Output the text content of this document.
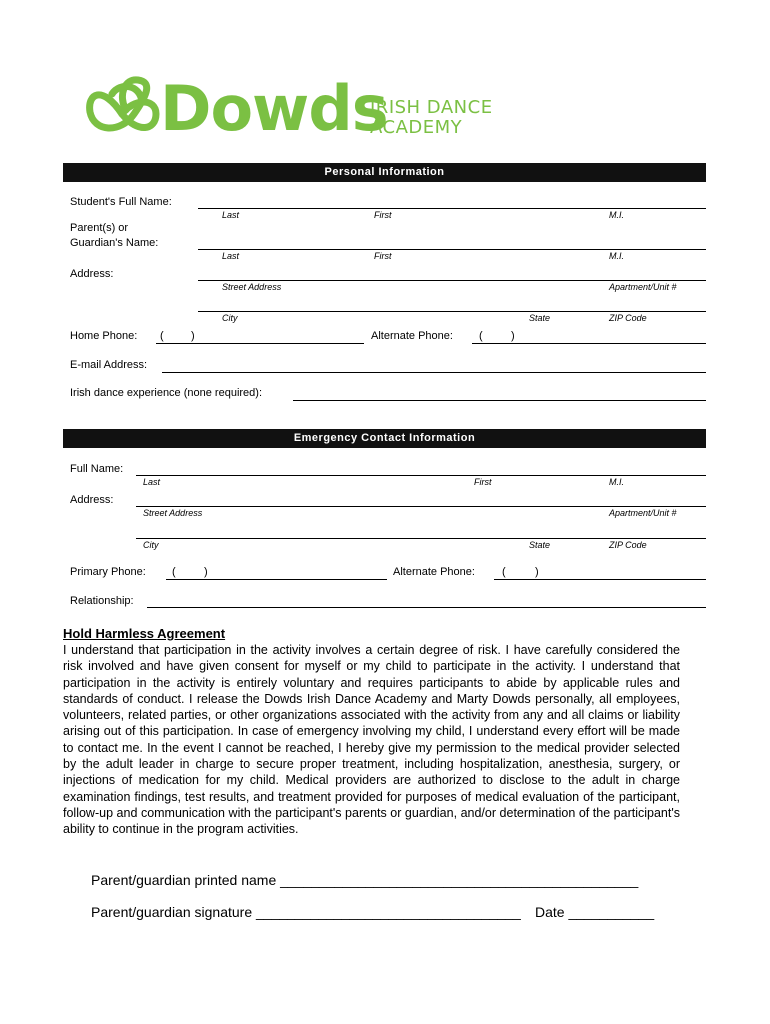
Dowds
IRISH DANCE
ACADEMY
Personal Information
Student's Full Name:
Last	First	M.I.
Parent(s) or
Guardian's Name:
Last	First	M.I.
Address:
Street Address	Apartment/Unit #
City	State	ZIP Code
Home Phone: ( )	Alternate Phone: (	)
E-mail Address:
Irish dance experience (none required):
Emergency Contact Information
Full Name:
Last	First	M.I.
Address:
Street Address	Apartment/Unit #
City	State	ZIP Code
Primary Phone: (	)	Alternate Phone: (	)
Relationship:
Hold Harmless Agreement
I understand that participation in the activity involves a certain degree of risk. I have carefully considered the risk involved and have given consent for myself or my child to participate in the activity. I understand that participation in the activity is entirely voluntary and requires participants to abide by applicable rules and standards of conduct. I release the Dowds Irish Dance Academy and Marty Dowds personally, all employees, volunteers, related parties, or other organizations associated with the activity from any and all claims or liability arising out of this participation. In case of emergency involving my child, I understand every effort will be made to contact me. In the event I cannot be reached, I hereby give my permission to the medical provider selected by the adult leader in charge to secure proper treatment, including hospitalization, anesthesia, surgery, or injections of medication for my child. Medical providers are authorized to disclose to the adult in charge examination findings, test results, and treatment provided for purposes of medical evaluation of the participant, follow-up and communication with the participant's parents or guardian, and/or determination of the participant's ability to continue in the program activities.
Parent/guardian printed name ______________________________________________
Parent/guardian signature __________________________________ Date ___________
